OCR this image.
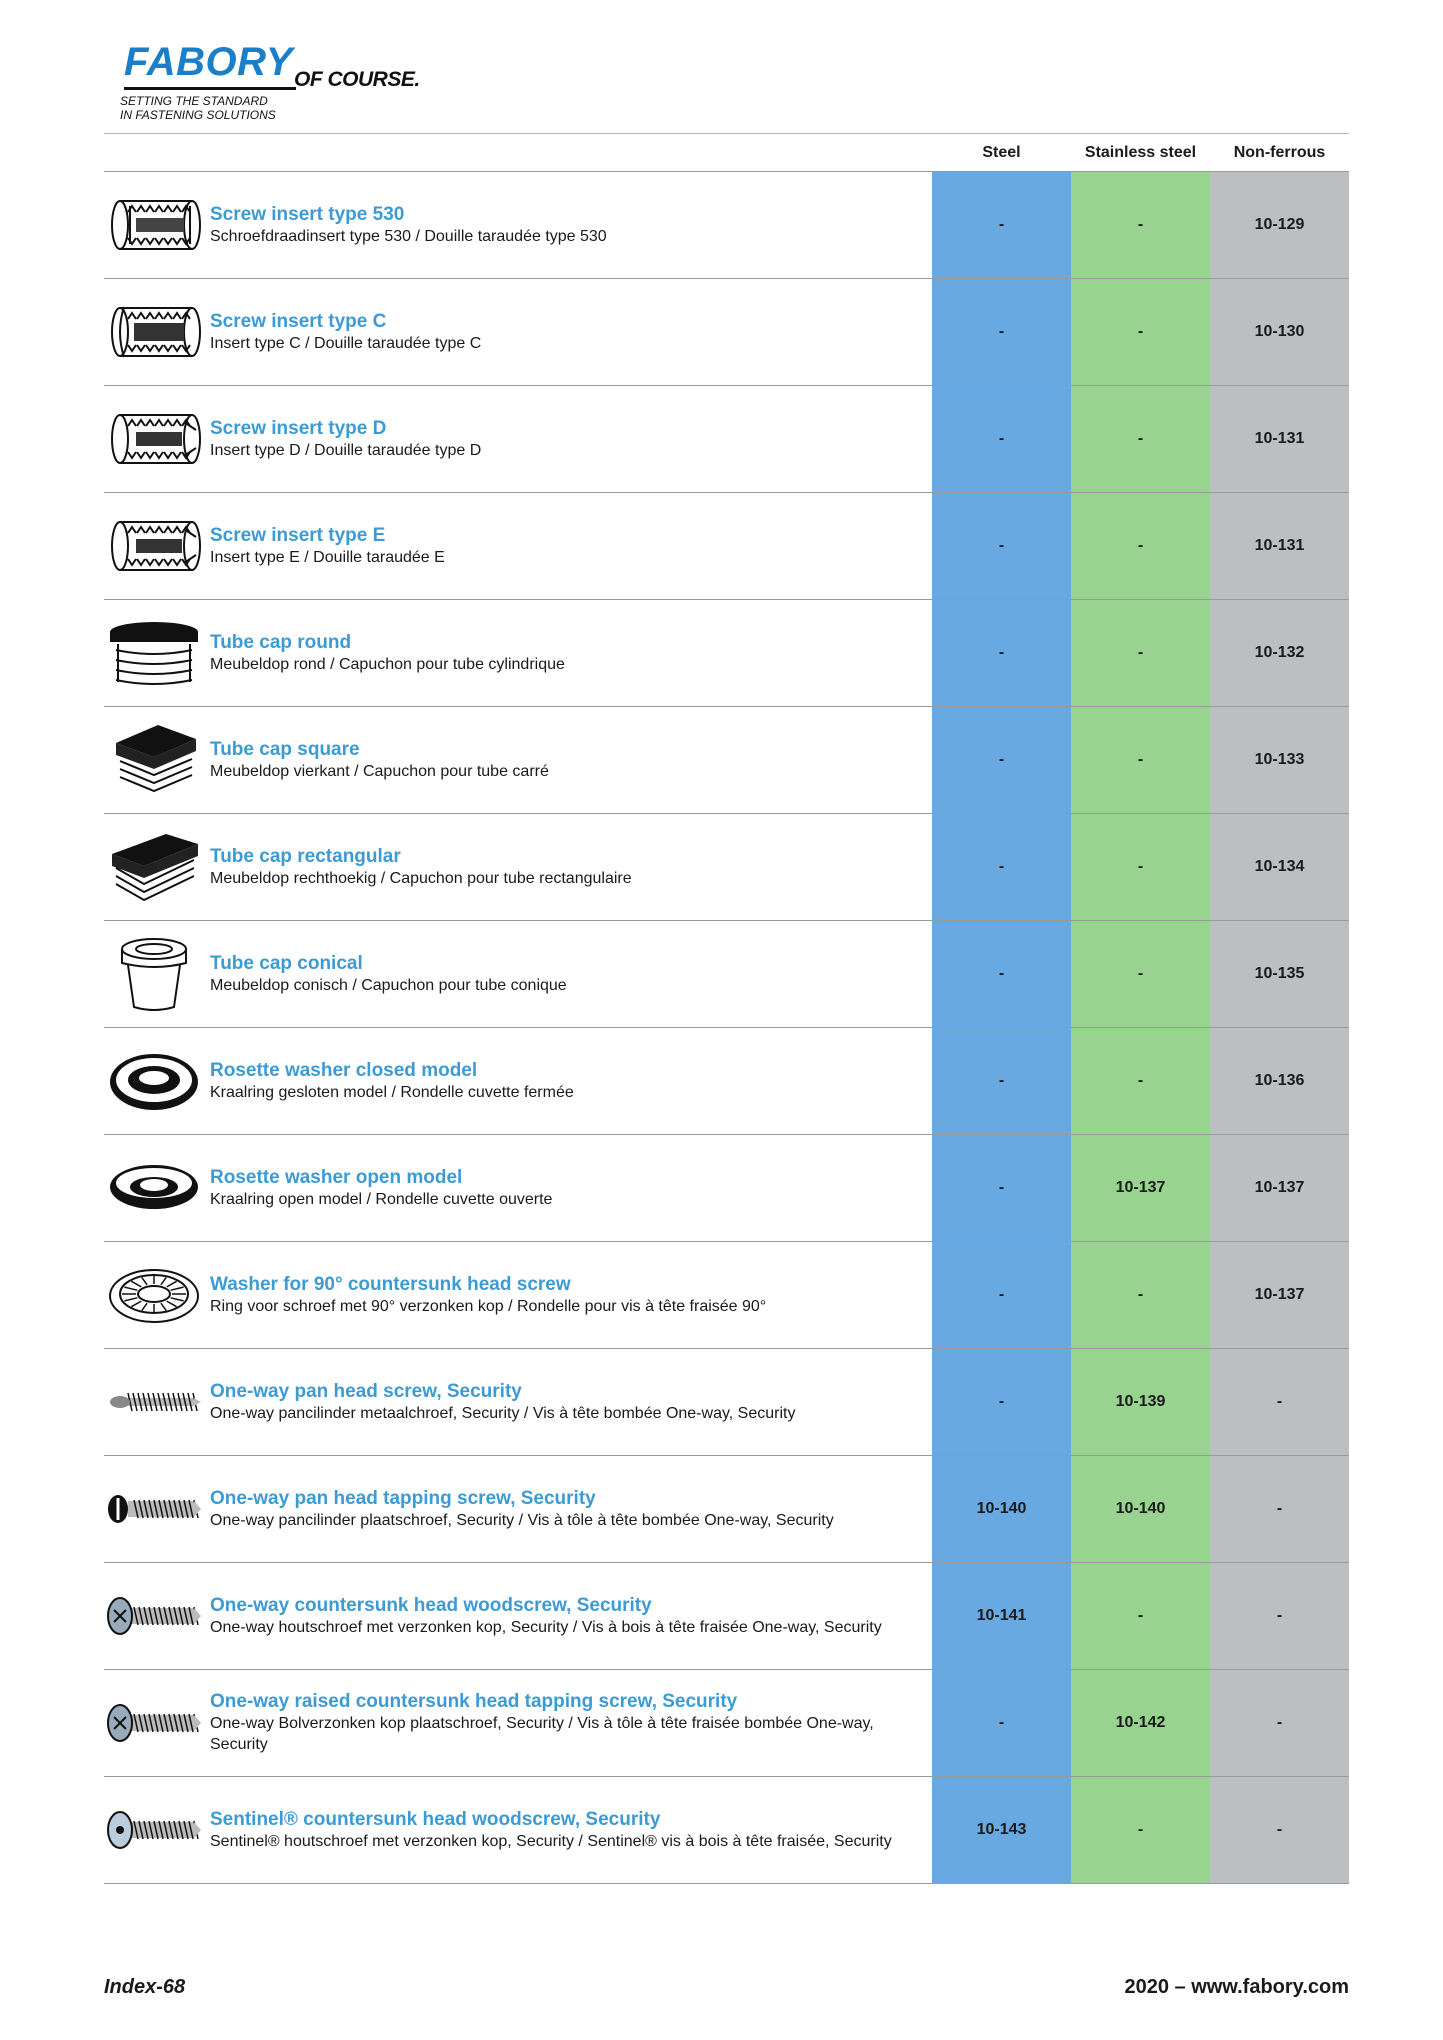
FABORY OF COURSE.
SETTING THE STANDARD
IN FASTENING SOLUTIONS
Steel	Stainless steel	Non-ferrous
Screw insert type 530
Schroefdraadinsert type 530 / Douille taraudée type 530
-	-	10-129
Screw insert type C
Insert type C / Douille taraudée type C
-	-	10-130
Screw insert type D
Insert type D / Douille taraudée type D
-	-	10-131
Screw insert type E
Insert type E / Douille taraudée E
-	-	10-131
Tube cap round
Meubeldop rond / Capuchon pour tube cylindrique
-	-	10-132
Tube cap square
Meubeldop vierkant / Capuchon pour tube carré
-	-	10-133
Tube cap rectangular
Meubeldop rechthoekig / Capuchon pour tube rectangulaire
-	-	10-134
Tube cap conical
Meubeldop conisch / Capuchon pour tube conique
-	-	10-135
Rosette washer closed model
Kraalring gesloten model / Rondelle cuvette fermée
-	-	10-136
Rosette washer open model
Kraalring open model / Rondelle cuvette ouverte
-	10-137	10-137
Washer for 90° countersunk head screw
Ring voor schroef met 90° verzonken kop / Rondelle pour vis à tête fraisée 90°
-	-	10-137
One-way pan head screw, Security
One-way pancilinder metaalchroef, Security / Vis à tête bombée One-way, Security
-	10-139	-
One-way pan head tapping screw, Security
One-way pancilinder plaatschroef, Security / Vis à tôle à tête bombée One-way, Security
10-140	10-140	-
One-way countersunk head woodscrew, Security
One-way houtschroef met verzonken kop, Security / Vis à bois à tête fraisée One-way, Security
10-141	-	-
One-way raised countersunk head tapping screw, Security
One-way Bolverzonken kop plaatschroef, Security / Vis à tôle à tête fraisée bombée One-way, Security
-	10-142	-
Sentinel® countersunk head woodscrew, Security
Sentinel® houtschroef met verzonken kop, Security / Sentinel® vis à bois à tête fraisée, Security
10-143	-	-
Index-68	2020 – www.fabory.com
